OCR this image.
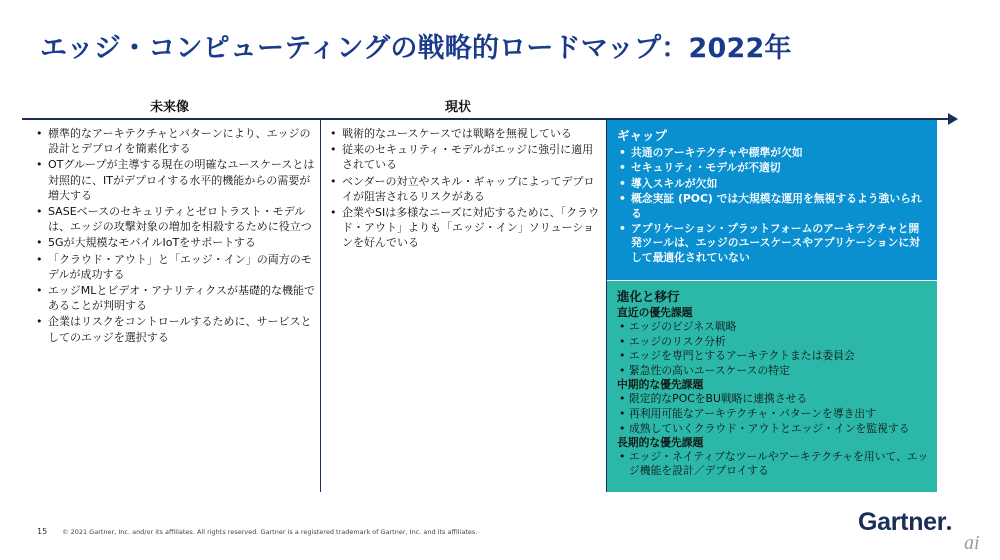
エッジ・コンピューティングの戦略的ロードマップ：2022年
未来像	現状
• 標準的なアーキテクチャとパターンにより、エッジの設計とデプロイを簡素化する
• OTグループが主導する現在の明確なユースケースとは対照的に、ITがデプロイする水平的機能からの需要が増大する
• SASEベースのセキュリティとゼロトラスト・モデルは、エッジの攻撃対象の増加を相殺するために役立つ
• 5Gが大規模なモバイルIoTをサポートする
• 「クラウド・アウト」と「エッジ・イン」の両方のモデルが成功する
• エッジMLとビデオ・アナリティクスが基礎的な機能であることが判明する
• 企業はリスクをコントロールするために、サービスとしてのエッジを選択する
• 戦術的なユースケースでは戦略を無視している
• 従来のセキュリティ・モデルがエッジに強引に適用されている
• ベンダーの対立やスキル・ギャップによってデプロイが阻害されるリスクがある
• 企業やSIは多様なニーズに対応するために、「クラウド・アウト」よりも「エッジ・イン」ソリューションを好んでいる
ギャップ
• 共通のアーキテクチャや標準が欠如
• セキュリティ・モデルが不適切
• 導入スキルが欠如
• 概念実証 (POC) では大規模な運用を無視するよう強いられる
• アプリケーション・プラットフォームのアーキテクチャと開発ツールは、エッジのユースケースやアプリケーションに対して最適化されていない
進化と移行
直近の優先課題
• エッジのビジネス戦略
• エッジのリスク分析
• エッジを専門とするアーキテクトまたは委員会
• 緊急性の高いユースケースの特定
中期的な優先課題
• 限定的なPOCをBU戦略に連携させる
• 再利用可能なアーキテクチャ・パターンを導き出す
• 成熟していくクラウド・アウトとエッジ・インを監視する
長期的な優先課題
• エッジ・ネイティブなツールやアーキテクチャを用いて、エッジ機能を設計／デプロイする
15 © 2021 Gartner, Inc. and/or its affiliates. All rights reserved. Gartner is a registered trademark of Gartner, Inc. and its affiliates.	Gartner
ai
